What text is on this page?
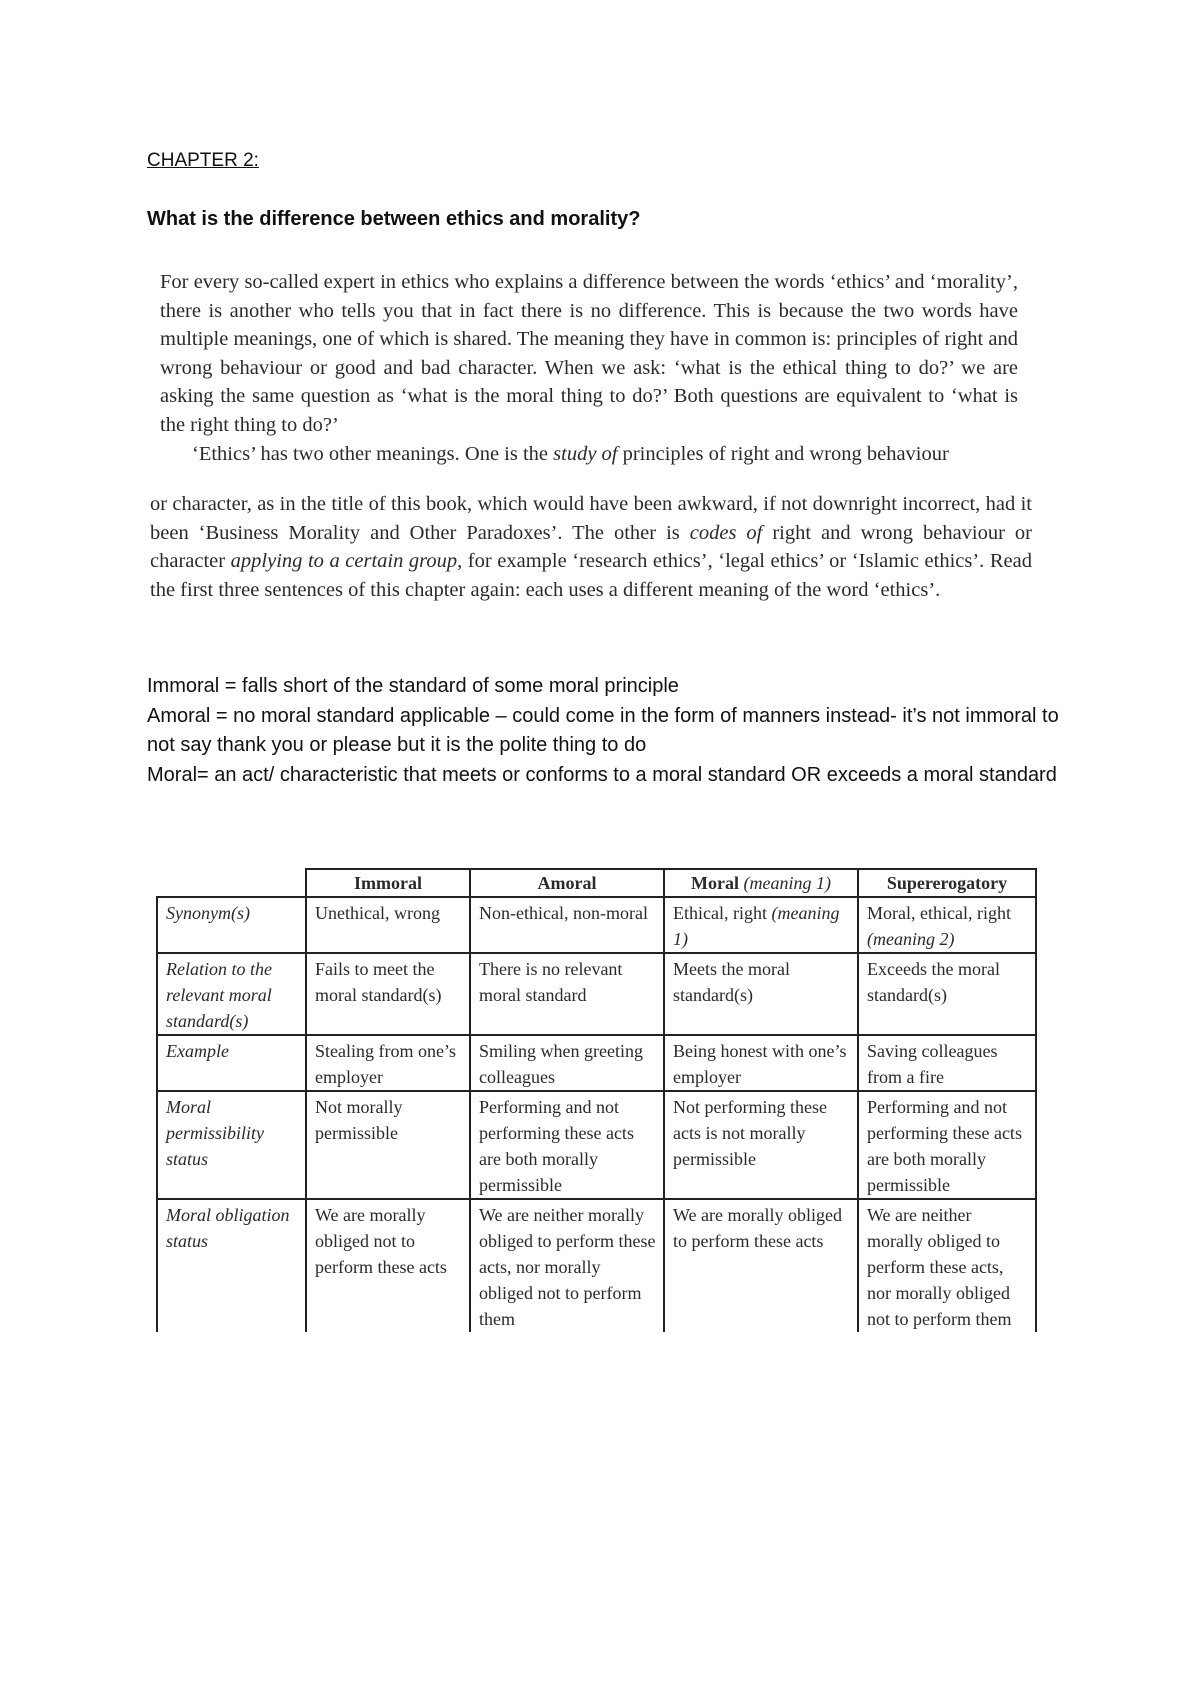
CHAPTER 2:
What is the difference between ethics and morality?

For every so-called expert in ethics who explains a difference between the words ‘ethics’ and ‘morality’, there is another who tells you that in fact there is no difference. This is because the two words have multiple meanings, one of which is shared. The meaning they have in common is: principles of right and wrong behaviour or good and bad character. When we ask: ‘what is the ethical thing to do?’ we are asking the same question as ‘what is the moral thing to do?’ Both questions are equivalent to ‘what is the right thing to do?’

‘Ethics’ has two other meanings. One is the study of principles of right and wrong behaviour

or character, as in the title of this book, which would have been awkward, if not downright incorrect, had it been ‘Business Morality and Other Paradoxes’. The other is codes of right and wrong behaviour or character applying to a certain group, for example ‘research ethics’, ‘legal ethics’ or ‘Islamic ethics’. Read the first three sentences of this chapter again: each uses a different meaning of the word ‘ethics’.

Immoral = falls short of the standard of some moral principle
Amoral = no moral standard applicable – could come in the form of manners instead- it’s not immoral to not say thank you or please but it is the polite thing to do
Moral= an act/ characteristic that meets or conforms to a moral standard OR exceeds a moral standard
	Immoral	Amoral	Moral (meaning 1)	Supererogatory
Synonym(s)	Unethical, wrong	Non-ethical, non-moral	Ethical, right (meaning 1)	Moral, ethical, right (meaning 2)
Relation to the relevant moral standard(s)	Fails to meet the moral standard(s)	There is no relevant moral standard	Meets the moral standard(s)	Exceeds the moral standard(s)
Example	Stealing from one’s employer	Smiling when greeting colleagues	Being honest with one’s employer	Saving colleagues from a fire
Moral permissibility status	Not morally permissible	Performing and not performing these acts are both morally permissible	Not performing these acts is not morally permissible	Performing and not performing these acts are both morally permissible
Moral obligation status	We are morally obliged not to perform these acts	We are neither morally obliged to perform these acts, nor morally obliged not to perform them	We are morally obliged to perform these acts	We are neither morally obliged to perform these acts, nor morally obliged not to perform them
